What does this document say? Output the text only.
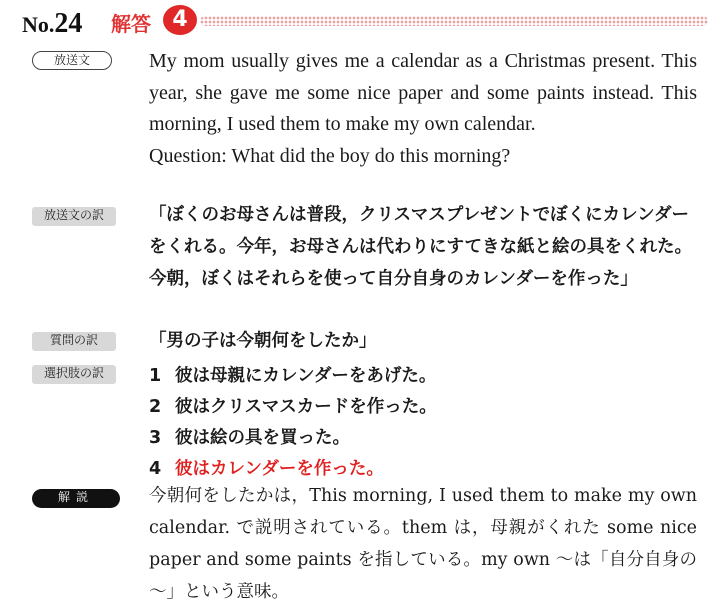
No.24 解答 4
放送文	My mom usually gives me a calendar as a Christmas present. This year, she gave me some nice paper and some paints instead. This morning, I used them to make my own calendar.

Question: What did the boy do this morning?

放送文の訳	「ぼくのお母さんは普段，クリスマスプレゼントでぼくにカレンダーをくれる。今年，お母さんは代わりにすてきな紙と絵の具をくれた。今朝，ぼくはそれらを使って自分自身のカレンダーを作った」
質問の訳	「男の子は今朝何をしたか」
選択肢の訳	1 彼は母親にカレンダーをあげた。
2 彼はクリスマスカードを作った。
3 彼は絵の具を買った。
4 彼はカレンダーを作った。
解説	今朝何をしたかは，This morning, I used them to make my own calendar. で説明されている。them は，母親がくれた some nice paper and some paints を指している。my own ～は「自分自身の～」という意味。
